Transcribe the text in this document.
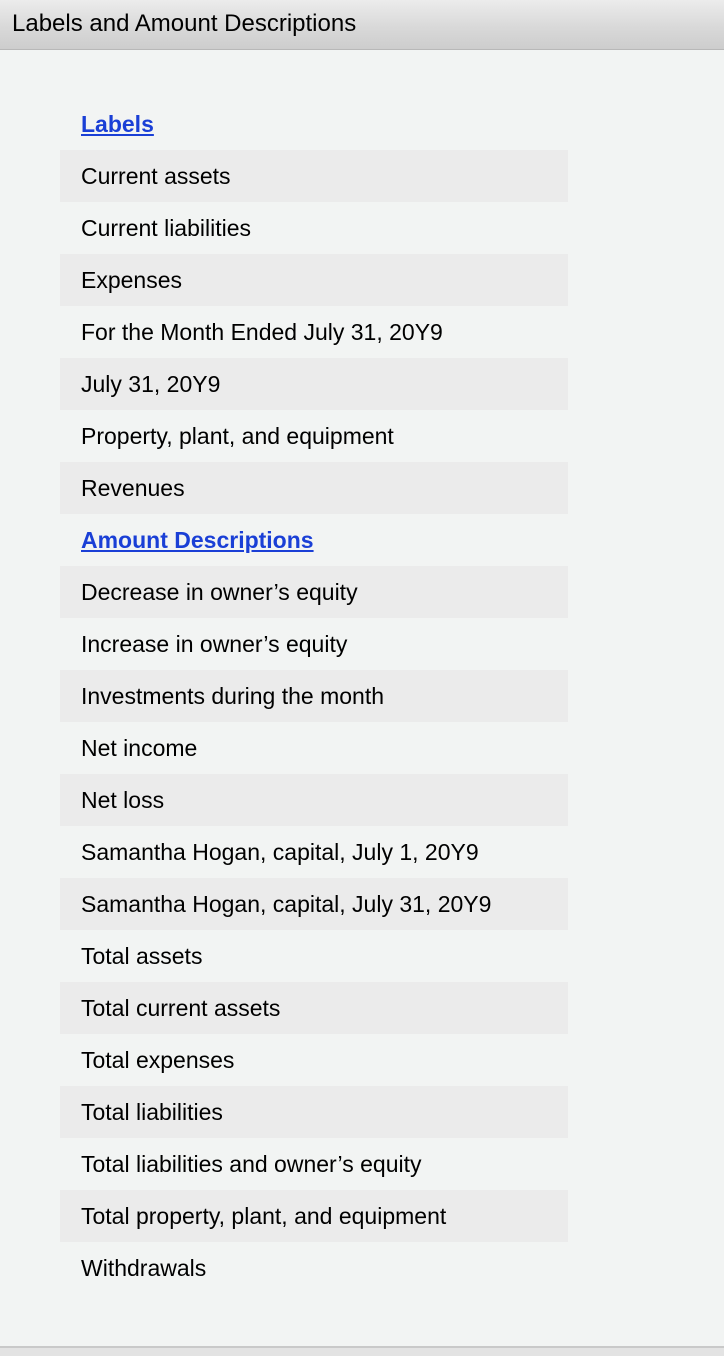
Labels and Amount Descriptions
Labels
Current assets
Current liabilities
Expenses
For the Month Ended July 31, 20Y9
July 31, 20Y9
Property, plant, and equipment
Revenues
Amount Descriptions
Decrease in owner’s equity
Increase in owner’s equity
Investments during the month
Net income
Net loss
Samantha Hogan, capital, July 1, 20Y9
Samantha Hogan, capital, July 31, 20Y9
Total assets
Total current assets
Total expenses
Total liabilities
Total liabilities and owner’s equity
Total property, plant, and equipment
Withdrawals
